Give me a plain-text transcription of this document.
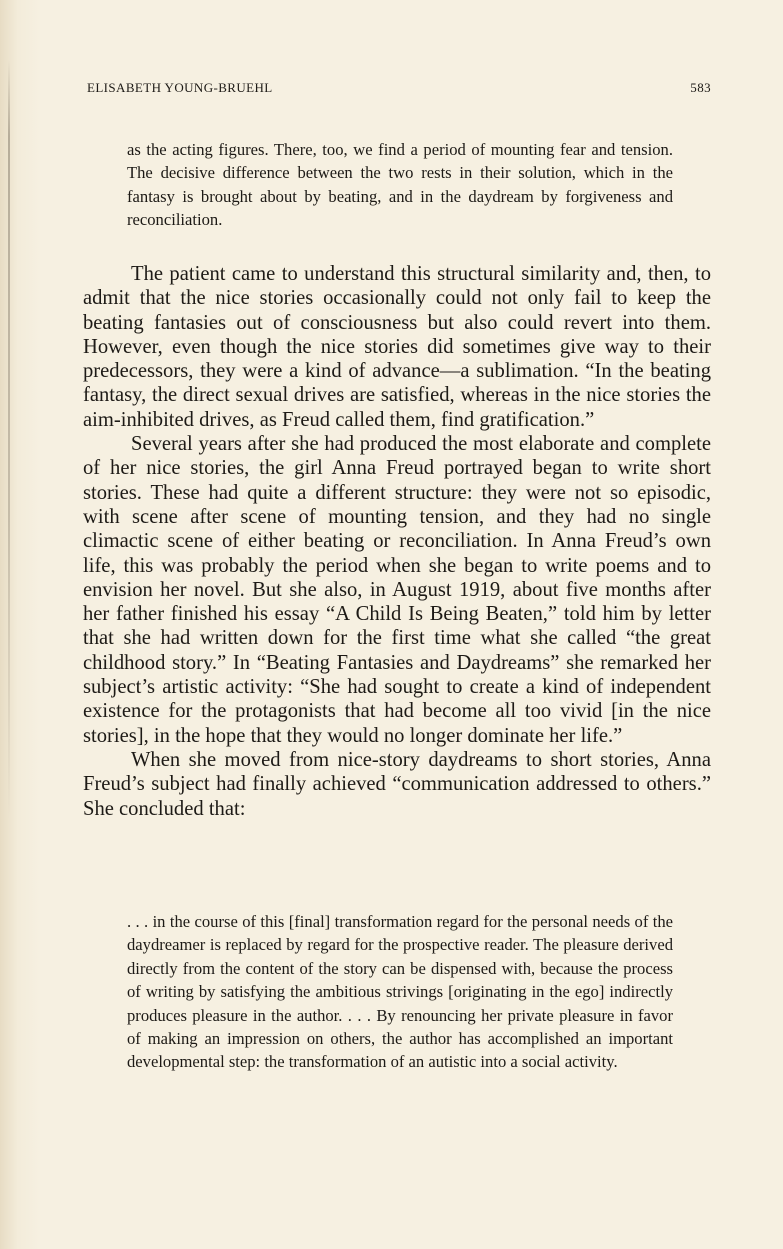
ELISABETH YOUNG-BRUEHL	583

as the acting figures. There, too, we find a period of mounting fear and tension. The decisive difference between the two rests in their solution, which in the fantasy is brought about by beating, and in the daydream by forgiveness and reconciliation.

The patient came to understand this structural similarity and, then, to admit that the nice stories occasionally could not only fail to keep the beating fantasies out of consciousness but also could revert into them. However, even though the nice stories did sometimes give way to their predecessors, they were a kind of advance—a sublimation. “In the beating fantasy, the direct sexual drives are satisfied, whereas in the nice stories the aim-inhibited drives, as Freud called them, find gratification.”

Several years after she had produced the most elaborate and complete of her nice stories, the girl Anna Freud portrayed began to write short stories. These had quite a different structure: they were not so episodic, with scene after scene of mounting tension, and they had no single climactic scene of either beating or reconciliation. In Anna Freud’s own life, this was probably the period when she began to write poems and to envision her novel. But she also, in August 1919, about five months after her father finished his essay “A Child Is Being Beaten,” told him by letter that she had written down for the first time what she called “the great childhood story.” In “Beating Fantasies and Daydreams” she remarked her subject’s artistic activity: “She had sought to create a kind of independent existence for the protagonists that had become all too vivid [in the nice stories], in the hope that they would no longer dominate her life.”

When she moved from nice-story daydreams to short stories, Anna Freud’s subject had finally achieved “communication addressed to others.” She concluded that:

. . . in the course of this [final] transformation regard for the personal needs of the daydreamer is replaced by regard for the prospective reader. The pleasure derived directly from the content of the story can be dispensed with, because the process of writing by satisfying the ambitious strivings [originating in the ego] indirectly produces pleasure in the author. . . . By renouncing her private pleasure in favor of making an impression on others, the author has accomplished an important developmental step: the transformation of an autistic into a social activity.
